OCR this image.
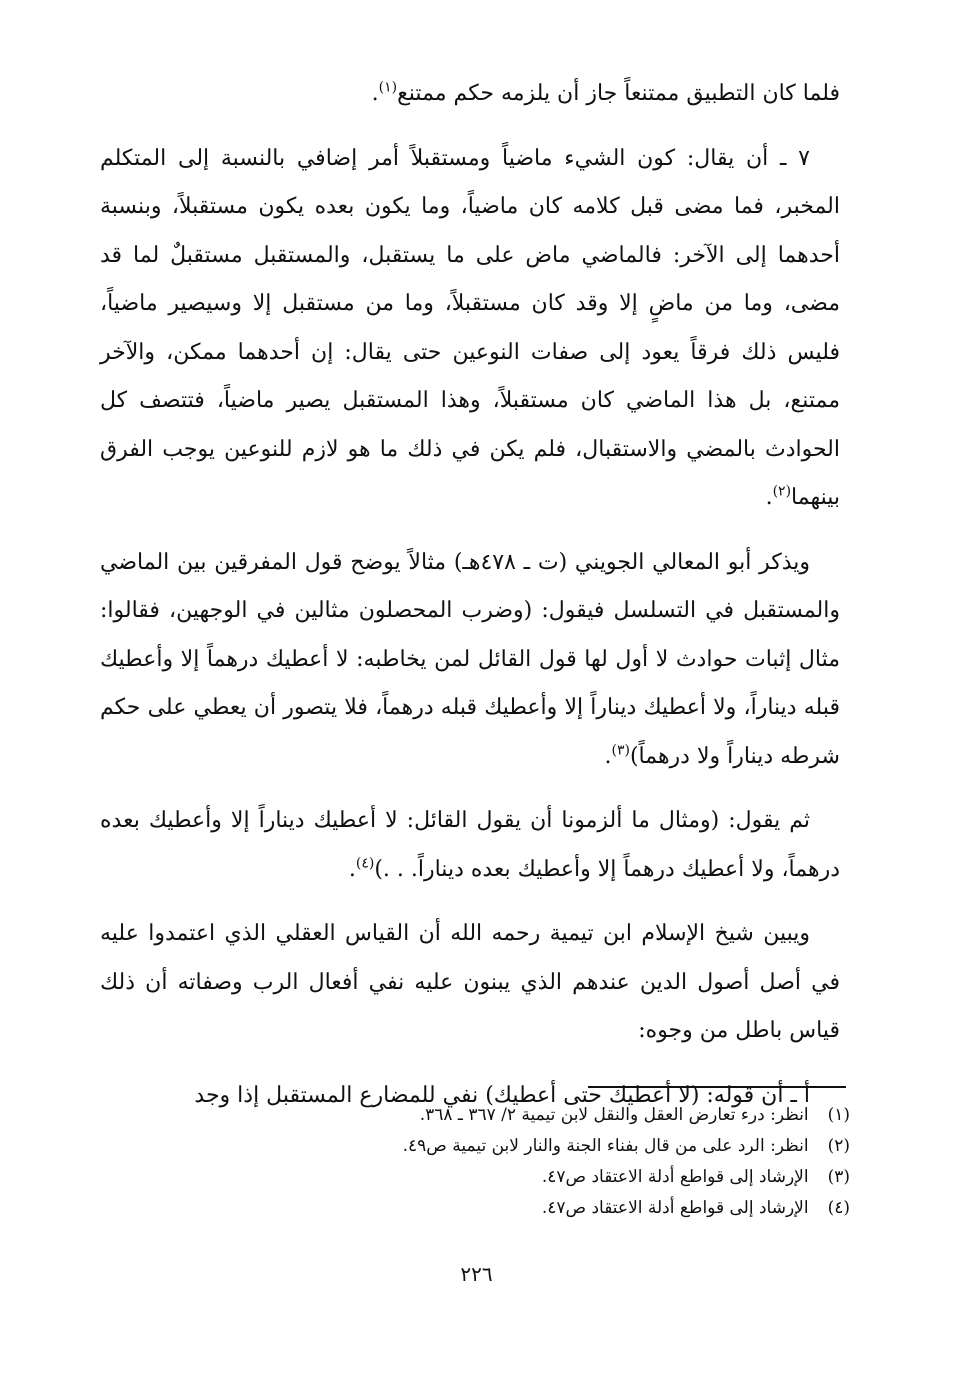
فلما كان التطبيق ممتنعاً جاز أن يلزمه حكم ممتنع$^{(١)}$.

٧ ـ أن يقال: كون الشيء ماضياً ومستقبلاً أمر إضافي بالنسبة إلى المتكلم المخبر، فما مضى قبل كلامه كان ماضياً، وما يكون بعده يكون مستقبلاً، وبنسبة أحدهما إلى الآخر: فالماضي ماض على ما يستقبل، والمستقبل مستقبلٌ لما قد مضى، وما من ماضٍ إلا وقد كان مستقبلاً، وما من مستقبل إلا وسيصير ماضياً، فليس ذلك فرقاً يعود إلى صفات النوعين حتى يقال: إن أحدهما ممكن، والآخر ممتنع، بل هذا الماضي كان مستقبلاً، وهذا المستقبل يصير ماضياً، فتتصف كل الحوادث بالمضي والاستقبال، فلم يكن في ذلك ما هو لازم للنوعين يوجب الفرق بينهما$^{(٢)}$.

ويذكر أبو المعالي الجويني (ت ـ ٤٧٨هـ) مثالاً يوضح قول المفرقين بين الماضي والمستقبل في التسلسل فيقول: (وضرب المحصلون مثالين في الوجهين، فقالوا: مثال إثبات حوادث لا أول لها قول القائل لمن يخاطبه: لا أعطيك درهماً إلا وأعطيك قبله ديناراً، ولا أعطيك ديناراً إلا وأعطيك قبله درهماً، فلا يتصور أن يعطي على حكم شرطه ديناراً ولا درهماً)$^{(٣)}$.

ثم يقول: (ومثال ما ألزمونا أن يقول القائل: لا أعطيك ديناراً إلا وأعطيك بعده درهماً، ولا أعطيك درهماً إلا وأعطيك بعده ديناراً. . .)$^{(٤)}$.

ويبين شيخ الإسلام ابن تيمية رحمه الله أن القياس العقلي الذي اعتمدوا عليه في أصل أصول الدين عندهم الذي يبنون عليه نفي أفعال الرب وصفاته أن ذلك قياس باطل من وجوه:

أ ـ أن قوله: (لا أعطيك حتى أعطيك) نفي للمضارع المستقبل إذا وجد

(١) انظر: درء تعارض العقل والنقل لابن تيمية ٢/ ٣٦٧ ـ ٣٦٨.
(٢) انظر: الرد على من قال بفناء الجنة والنار لابن تيمية ص٤٩.
(٣) الإرشاد إلى قواطع أدلة الاعتقاد ص٤٧.
(٤) الإرشاد إلى قواطع أدلة الاعتقاد ص٤٧.
٢٢٦
